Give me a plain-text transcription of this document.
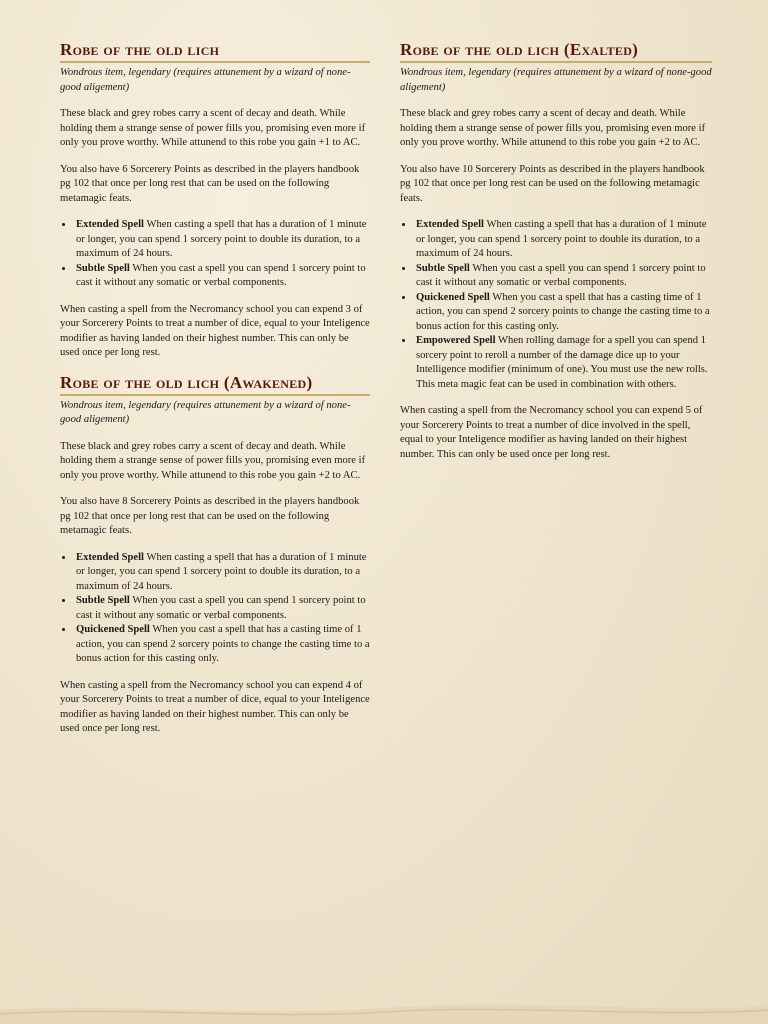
Robe of the old lich

Wondrous item, legendary (requires attunement by a wizard of none-good aligement)

These black and grey robes carry a scent of decay and death. While holding them a strange sense of power fills you, promising even more if only you prove worthy. While attunend to this robe you gain +1 to AC.

You also have 6 Sorcerery Points as described in the players handbook pg 102 that once per long rest that can be used on the following metamagic feats.

• Extended Spell When casting a spell that has a duration of 1 minute or longer, you can spend 1 sorcery point to double its duration, to a maximum of 24 hours.
• Subtle Spell When you cast a spell you can spend 1 sorcery point to cast it without any somatic or verbal components.

When casting a spell from the Necromancy school you can expend 3 of your Sorcerery Points to treat a number of dice, equal to your Inteligence modifier as having landed on their highest number. This can only be used once per long rest.

Robe of the old lich (Awakened)

Wondrous item, legendary (requires attunement by a wizard of none-good aligement)

These black and grey robes carry a scent of decay and death. While holding them a strange sense of power fills you, promising even more if only you prove worthy. While attunend to this robe you gain +2 to AC.

You also have 8 Sorcerery Points as described in the players handbook pg 102 that once per long rest that can be used on the following metamagic feats.

• Extended Spell When casting a spell that has a duration of 1 minute or longer, you can spend 1 sorcery point to double its duration, to a maximum of 24 hours.
• Subtle Spell When you cast a spell you can spend 1 sorcery point to cast it without any somatic or verbal components.
• Quickened Spell When you cast a spell that has a casting time of 1 action, you can spend 2 sorcery points to change the casting time to a bonus action for this casting only.

When casting a spell from the Necromancy school you can expend 4 of your Sorcerery Points to treat a number of dice, equal to your Inteligence modifier as having landed on their highest number. This can only be used once per long rest.

Robe of the old lich (Exalted)

Wondrous item, legendary (requires attunement by a wizard of none-good aligement)

These black and grey robes carry a scent of decay and death. While holding them a strange sense of power fills you, promising even more if only you prove worthy. While attunend to this robe you gain +2 to AC.

You also have 10 Sorcerery Points as described in the players handbook pg 102 that once per long rest can be used on the following metamagic feats.

• Extended Spell When casting a spell that has a duration of 1 minute or longer, you can spend 1 sorcery point to double its duration, to a maximum of 24 hours.
• Subtle Spell When you cast a spell you can spend 1 sorcery point to cast it without any somatic or verbal components.
• Quickened Spell When you cast a spell that has a casting time of 1 action, you can spend 2 sorcery points to change the casting time to a bonus action for this casting only.
• Empowered Spell When rolling damage for a spell you can spend 1 sorcery point to reroll a number of the damage dice up to your Intelligence modifier (minimum of one). You must use the new rolls. This meta magic feat can be used in combination with others.

When casting a spell from the Necromancy school you can expend 5 of your Sorcerery Points to treat a number of dice involved in the spell, equal to your Inteligence modifier as having landed on their highest number. This can only be used once per long rest.
